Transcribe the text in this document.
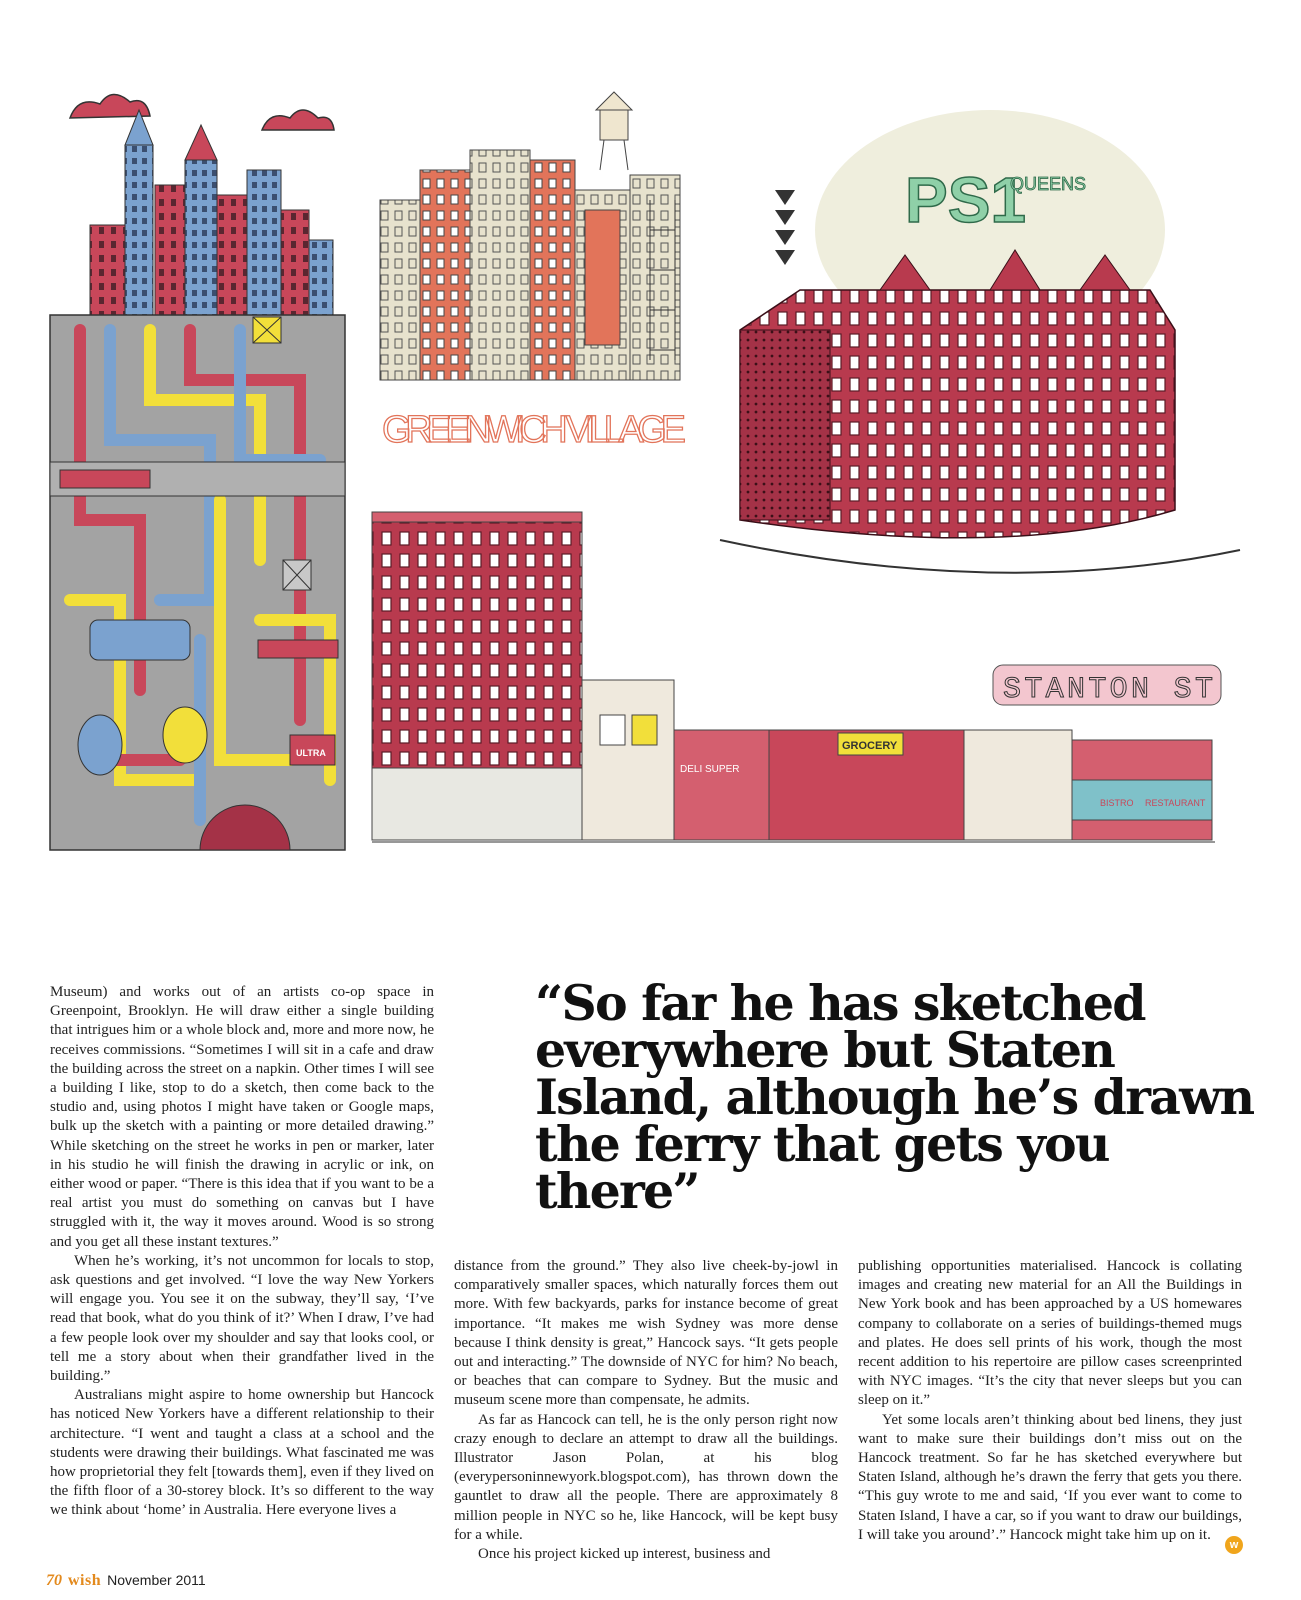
ULTRA
GREENWICH VILLAGE
PS1
QUEENS
STANTON ST
DELI SUPER
GROCERY
BISTRO RESTAURANT
“So far he has sketched everywhere but Staten Island, although he’s drawn the ferry that gets you there”

Museum) and works out of an artists co-op space in Greenpoint, Brooklyn. He will draw either a single building that intrigues him or a whole block and, more and more now, he receives commissions. “Sometimes I will sit in a cafe and draw the building across the street on a napkin. Other times I will see a building I like, stop to do a sketch, then come back to the studio and, using photos I might have taken or Google maps, bulk up the sketch with a painting or more detailed drawing.” While sketching on the street he works in pen or marker, later in his studio he will finish the drawing in acrylic or ink, on either wood or paper. “There is this idea that if you want to be a real artist you must do something on canvas but I have struggled with it, the way it moves around. Wood is so strong and you get all these instant textures.”

When he’s working, it’s not uncommon for locals to stop, ask questions and get involved. “I love the way New Yorkers will engage you. You see it on the subway, they’ll say, ‘I’ve read that book, what do you think of it?’ When I draw, I’ve had a few people look over my shoulder and say that looks cool, or tell me a story about when their grandfather lived in the building.”

Australians might aspire to home ownership but Hancock has noticed New Yorkers have a different relationship to their architecture. “I went and taught a class at a school and the students were drawing their buildings. What fascinated me was how proprietorial they felt [towards them], even if they lived on the fifth floor of a 30-storey block. It’s so different to the way we think about ‘home’ in Australia. Here everyone lives a

distance from the ground.” They also live cheek-by-jowl in comparatively smaller spaces, which naturally forces them out more. With few backyards, parks for instance become of great importance. “It makes me wish Sydney was more dense because I think density is great,” Hancock says. “It gets people out and interacting.” The downside of NYC for him? No beach, or beaches that can compare to Sydney. But the music and museum scene more than compensate, he admits.

As far as Hancock can tell, he is the only person right now crazy enough to declare an attempt to draw all the buildings. Illustrator Jason Polan, at his blog (everypersoninnewyork.blogspot.com), has thrown down the gauntlet to draw all the people. There are approximately 8 million people in NYC so he, like Hancock, will be kept busy for a while.

Once his project kicked up interest, business and

publishing opportunities materialised. Hancock is collating images and creating new material for an All the Buildings in New York book and has been approached by a US homewares company to collaborate on a series of buildings-themed mugs and plates. He does sell prints of his work, though the most recent addition to his repertoire are pillow cases screenprinted with NYC images. “It’s the city that never sleeps but you can sleep on it.”

Yet some locals aren’t thinking about bed linens, they just want to make sure their buildings don’t miss out on the Hancock treatment. So far he has sketched everywhere but Staten Island, although he’s drawn the ferry that gets you there. “This guy wrote to me and said, ‘If you ever want to come to Staten Island, I have a car, so if you want to draw our buildings, I will take you around’.” Hancock might take him up on it.

w
70 wish November 2011
